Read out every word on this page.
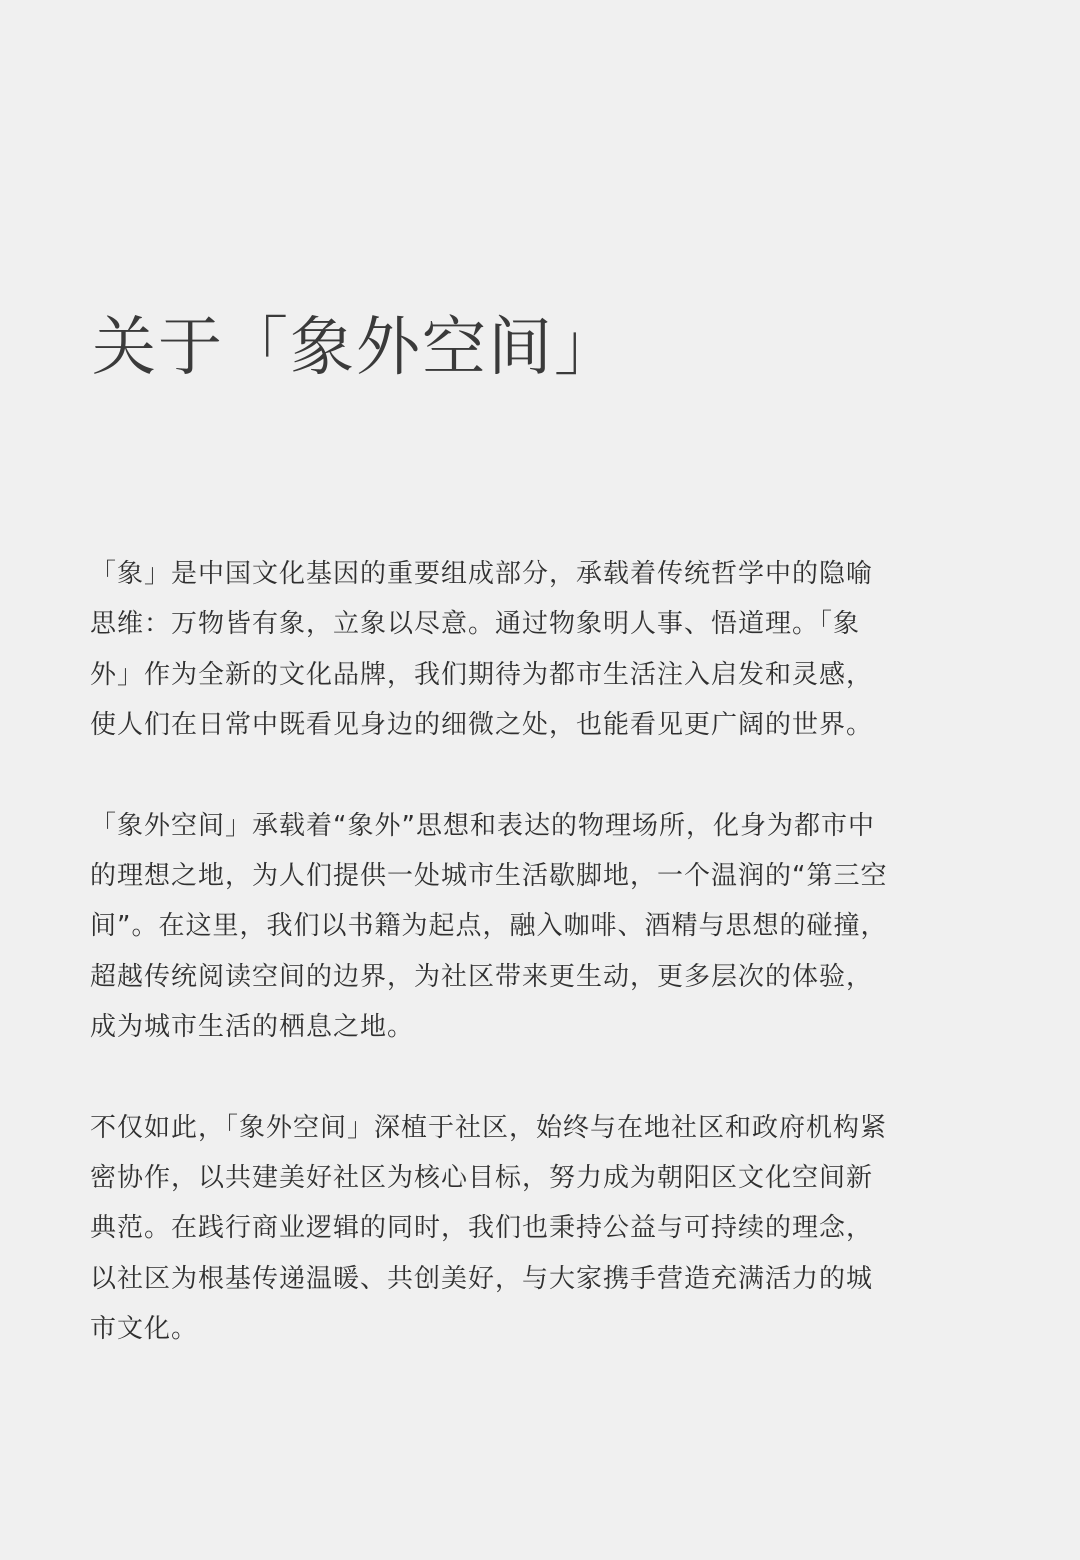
关于「象外空间」

「象」是中国文化基因的重要组成部分，承载着传统哲学中的隐喻思维：万物皆有象，立象以尽意。通过物象明人事、悟道理。「象外」作为全新的文化品牌，我们期待为都市生活注入启发和灵感，使人们在日常中既看见身边的细微之处，也能看见更广阔的世界。

「象外空间」承载着“象外”思想和表达的物理场所，化身为都市中的理想之地，为人们提供一处城市生活歇脚地，一个温润的“第三空间”。在这里，我们以书籍为起点，融入咖啡、酒精与思想的碰撞，超越传统阅读空间的边界，为社区带来更生动，更多层次的体验，成为城市生活的栖息之地。

不仅如此，「象外空间」深植于社区，始终与在地社区和政府机构紧密协作，以共建美好社区为核心目标，努力成为朝阳区文化空间新典范。在践行商业逻辑的同时，我们也秉持公益与可持续的理念，以社区为根基传递温暖、共创美好，与大家携手营造充满活力的城市文化。
